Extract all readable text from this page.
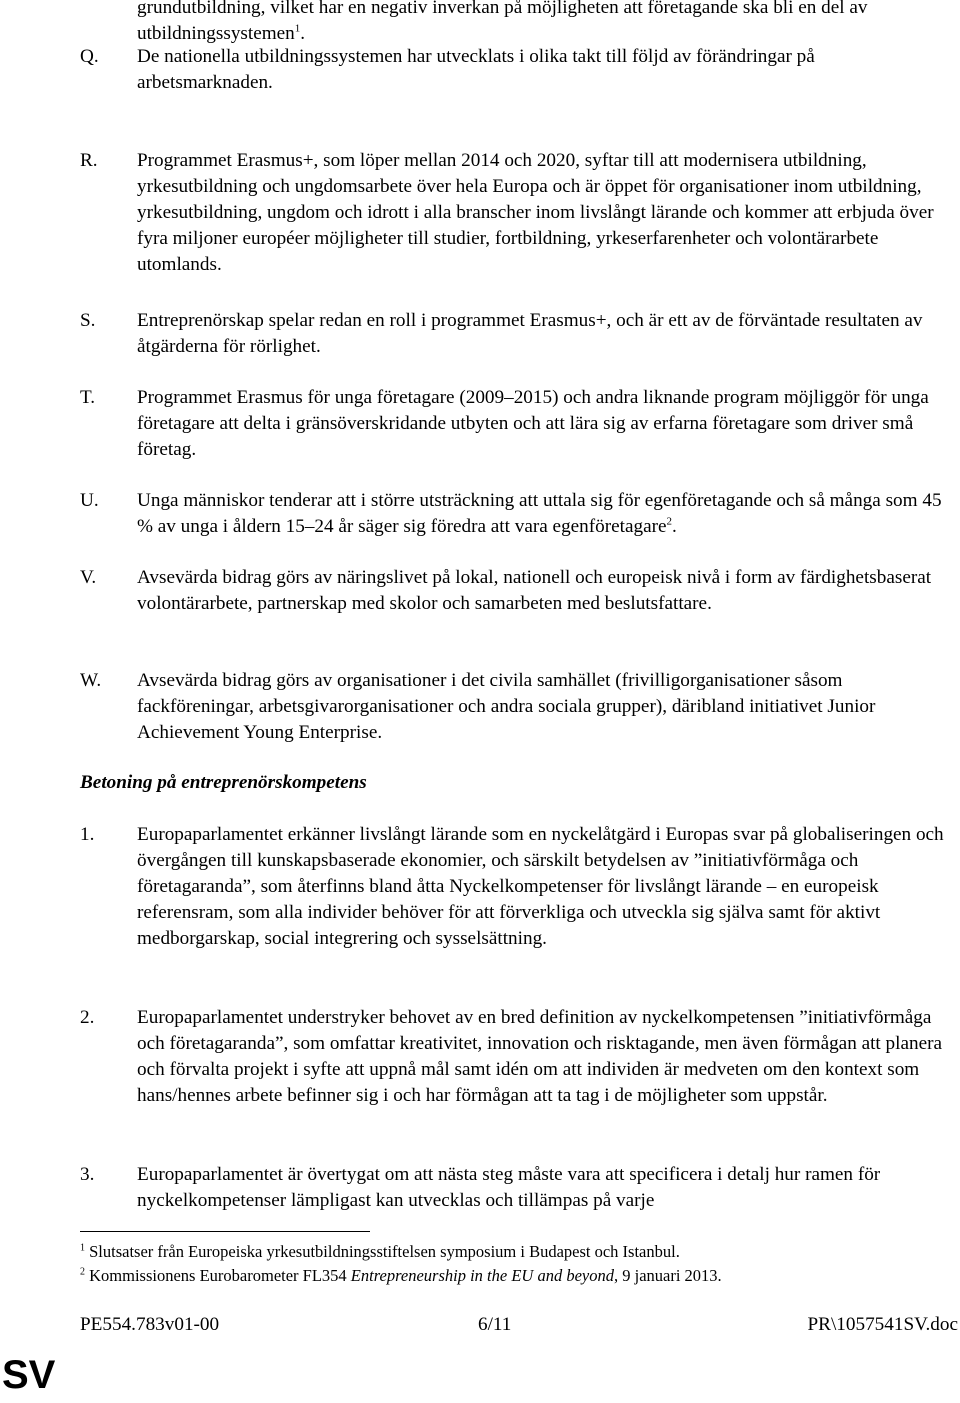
grundutbildning, vilket har en negativ inverkan på möjligheten att företagande ska bli en del av utbildningssystemen$^1$.

Q. De nationella utbildningssystemen har utvecklats i olika takt till följd av förändringar på arbetsmarknaden.

R. Programmet Erasmus+, som löper mellan 2014 och 2020, syftar till att modernisera utbildning, yrkesutbildning och ungdomsarbete över hela Europa och är öppet för organisationer inom utbildning, yrkesutbildning, ungdom och idrott i alla branscher inom livslångt lärande och kommer att erbjuda över fyra miljoner européer möjligheter till studier, fortbildning, yrkeserfarenheter och volontärarbete utomlands.

S. Entreprenörskap spelar redan en roll i programmet Erasmus+, och är ett av de förväntade resultaten av åtgärderna för rörlighet.

T. Programmet Erasmus för unga företagare (2009–2015) och andra liknande program möjliggör för unga företagare att delta i gränsöverskridande utbyten och att lära sig av erfarna företagare som driver små företag.

U. Unga människor tenderar att i större utsträckning att uttala sig för egenföretagande och så många som 45 % av unga i åldern 15–24 år säger sig föredra att vara egenföretagare$^2$.

V. Avsevärda bidrag görs av näringslivet på lokal, nationell och europeisk nivå i form av färdighetsbaserat volontärarbete, partnerskap med skolor och samarbeten med beslutsfattare.

W. Avsevärda bidrag görs av organisationer i det civila samhället (frivilligorganisationer såsom fackföreningar, arbetsgivarorganisationer och andra sociala grupper), däribland initiativet Junior Achievement Young Enterprise.

Betoning på entreprenörskompetens

1. Europaparlamentet erkänner livslångt lärande som en nyckelåtgärd i Europas svar på globaliseringen och övergången till kunskapsbaserade ekonomier, och särskilt betydelsen av ”initiativförmåga och företagaranda”, som återfinns bland åtta Nyckelkompetenser för livslångt lärande – en europeisk referensram, som alla individer behöver för att förverkliga och utveckla sig själva samt för aktivt medborgarskap, social integrering och sysselsättning.

2. Europaparlamentet understryker behovet av en bred definition av nyckelkompetensen ”initiativförmåga och företagaranda”, som omfattar kreativitet, innovation och risktagande, men även förmågan att planera och förvalta projekt i syfte att uppnå mål samt idén om att individen är medveten om den kontext som hans/hennes arbete befinner sig i och har förmågan att ta tag i de möjligheter som uppstår.

3. Europaparlamentet är övertygat om att nästa steg måste vara att specificera i detalj hur ramen för nyckelkompetenser lämpligast kan utvecklas och tillämpas på varje

$^1$ Slutsatser från Europeiska yrkesutbildningsstiftelsen symposium i Budapest och Istanbul.

$^2$ Kommissionens Eurobarometer FL354 Entrepreneurship in the EU and beyond, 9 januari 2013.

PE554.783v01-00	6/11	PR\1057541SV.doc

SV
